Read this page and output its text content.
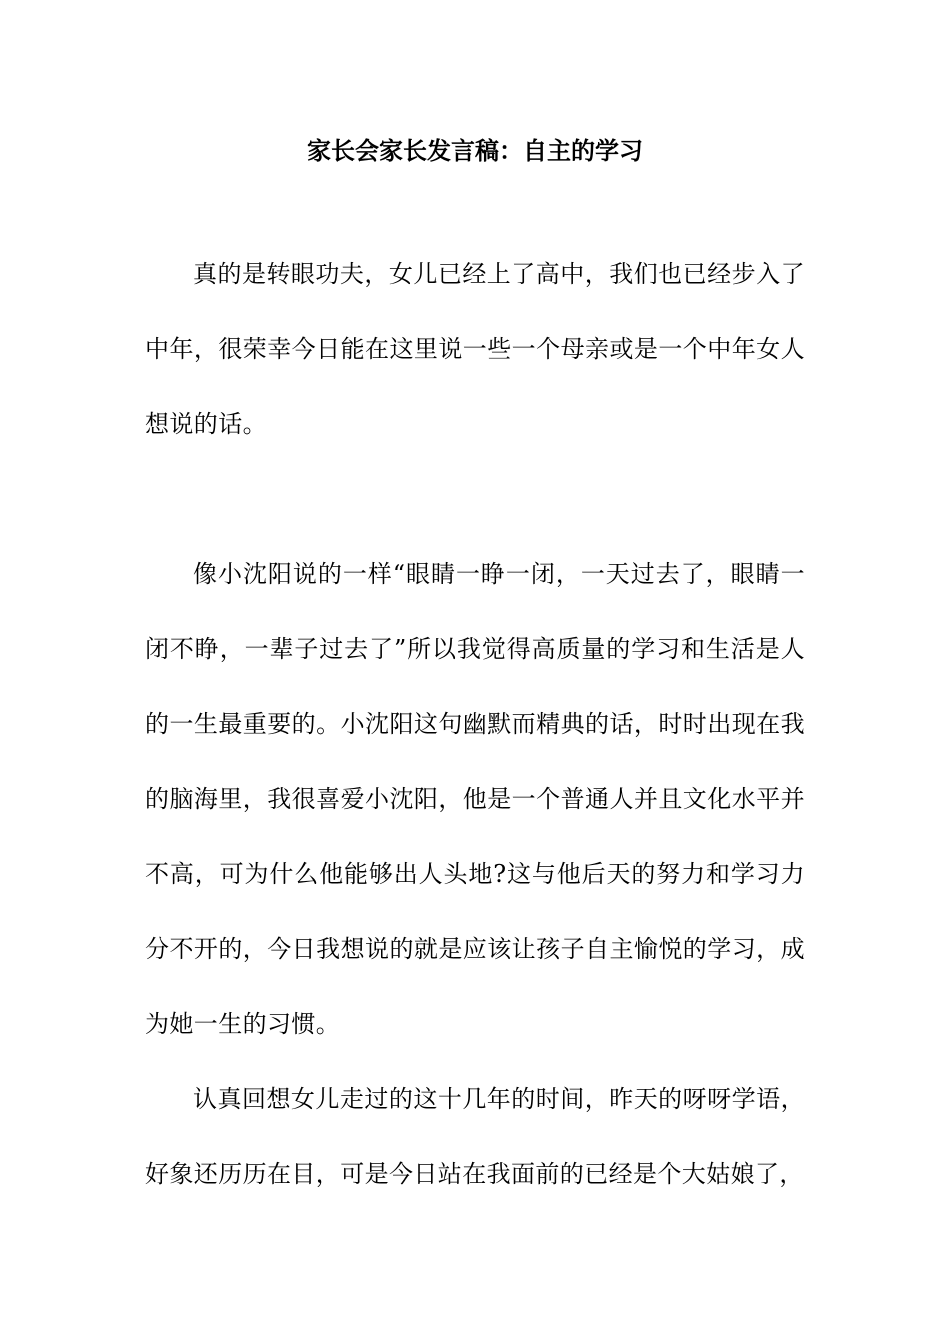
家长会家长发言稿：自主的学习

真的是转眼功夫，女儿已经上了高中，我们也已经步入了中年，很荣幸今日能在这里说一些一个母亲或是一个中年女人想说的话。

像小沈阳说的一样“眼睛一睁一闭，一天过去了，眼睛一闭不睁，一辈子过去了”所以我觉得高质量的学习和生活是人的一生最重要的。小沈阳这句幽默而精典的话，时时出现在我的脑海里，我很喜爱小沈阳，他是一个普通人并且文化水平并不高，可为什么他能够出人头地?这与他后天的努力和学习力分不开的，今日我想说的就是应该让孩子自主愉悦的学习，成为她一生的习惯。

认真回想女儿走过的这十几年的时间，昨天的呀呀学语，好象还历历在目，可是今日站在我面前的已经是个大姑娘了，
